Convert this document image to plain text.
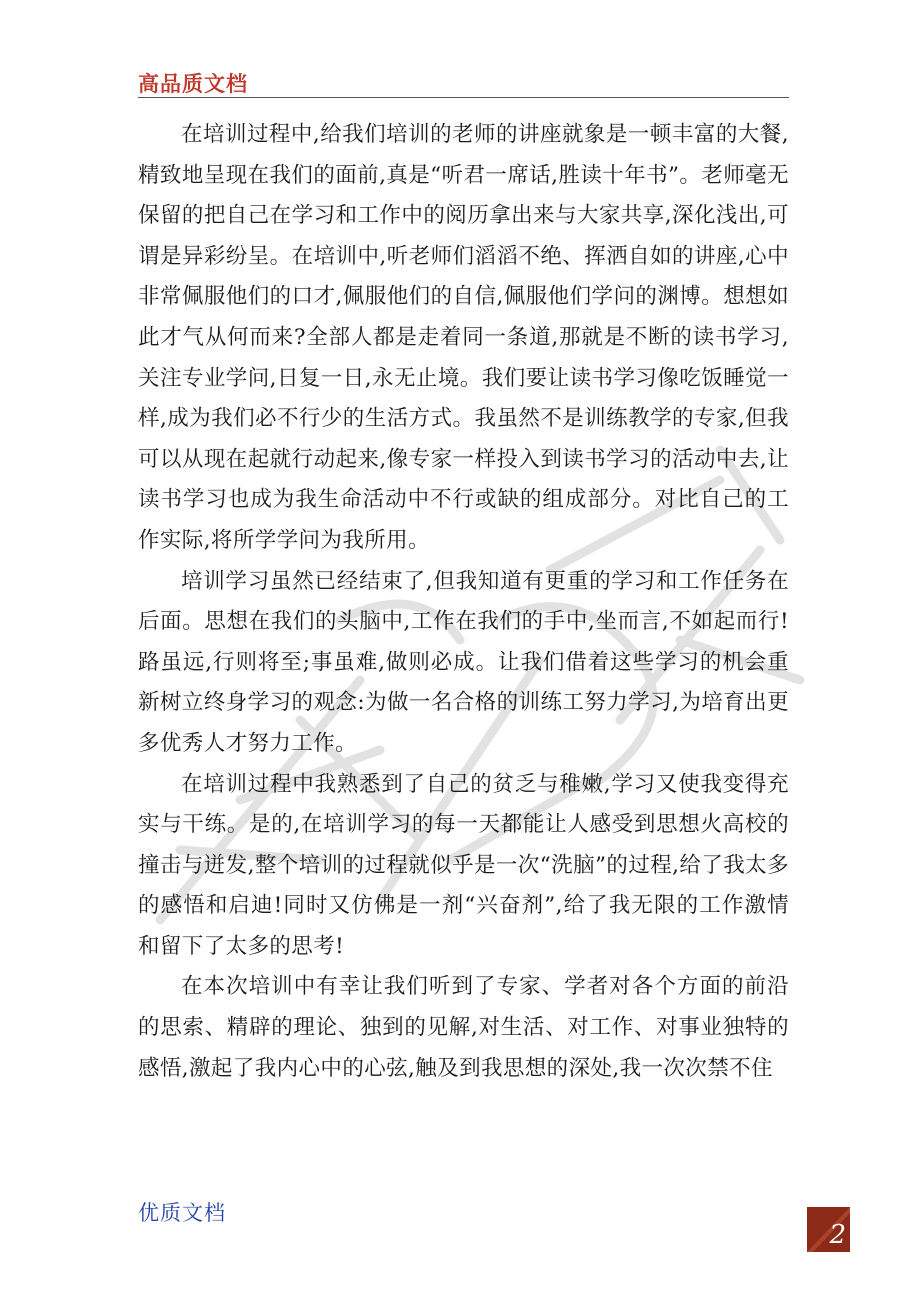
高品质文档

在培训过程中,给我们培训的老师的讲座就象是一顿丰富的大餐,精致地呈现在我们的面前,真是“听君一席话,胜读十年书”。老师毫无保留的把自己在学习和工作中的阅历拿出来与大家共享,深化浅出,可谓是异彩纷呈。在培训中,听老师们滔滔不绝、挥洒自如的讲座,心中非常佩服他们的口才,佩服他们的自信,佩服他们学问的渊博。想想如此才气从何而来?全部人都是走着同一条道,那就是不断的读书学习,关注专业学问,日复一日,永无止境。我们要让读书学习像吃饭睡觉一样,成为我们必不行少的生活方式。我虽然不是训练教学的专家,但我可以从现在起就行动起来,像专家一样投入到读书学习的活动中去,让读书学习也成为我生命活动中不行或缺的组成部分。对比自己的工作实际,将所学学问为我所用。

培训学习虽然已经结束了,但我知道有更重的学习和工作任务在后面。思想在我们的头脑中,工作在我们的手中,坐而言,不如起而行!路虽远,行则将至;事虽难,做则必成。让我们借着这些学习的机会重新树立终身学习的观念:为做一名合格的训练工努力学习,为培育出更多优秀人才努力工作。

在培训过程中我熟悉到了自己的贫乏与稚嫩,学习又使我变得充实与干练。是的,在培训学习的每一天都能让人感受到思想火高校的撞击与迸发,整个培训的过程就似乎是一次“洗脑”的过程,给了我太多的感悟和启迪!同时又仿佛是一剂“兴奋剂”,给了我无限的工作激情和留下了太多的思考!

在本次培训中有幸让我们听到了专家、学者对各个方面的前沿的思索、精辟的理论、独到的见解,对生活、对工作、对事业独特的感悟,激起了我内心中的心弦,触及到我思想的深处,我一次次禁不住

优质文档
2
